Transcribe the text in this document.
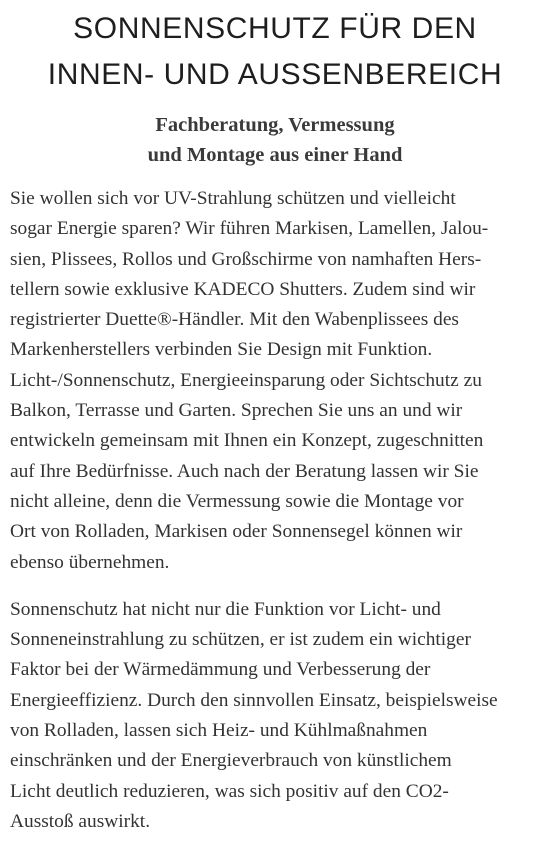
SONNENSCHUTZ FÜR DEN
INNEN- UND AUSSENBEREICH
Fachberatung, Vermessung
und Montage aus einer Hand

Sie wollen sich vor UV-Strahlung schützen und vielleicht
sogar Energie sparen? Wir führen Markisen, Lamellen, Jalou-
sien, Plissees, Rollos und Großschirme von namhaften Hers-
tellern sowie exklusive KADECO Shutters. Zudem sind wir
registrierter Duette®-Händler. Mit den Wabenplissees des
Markenherstellers verbinden Sie Design mit Funktion.
Licht-/Sonnenschutz, Energieeinsparung oder Sichtschutz zu
Balkon, Terrasse und Garten. Sprechen Sie uns an und wir
entwickeln gemeinsam mit Ihnen ein Konzept, zugeschnitten
auf Ihre Bedürfnisse. Auch nach der Beratung lassen wir Sie
nicht alleine, denn die Vermessung sowie die Montage vor
Ort von Rolladen, Markisen oder Sonnensegel können wir
ebenso übernehmen.

Sonnenschutz hat nicht nur die Funktion vor Licht- und
Sonneneinstrahlung zu schützen, er ist zudem ein wichtiger
Faktor bei der Wärmedämmung und Verbesserung der
Energieeffizienz. Durch den sinnvollen Einsatz, beispielsweise
von Rolladen, lassen sich Heiz- und Kühlmaßnahmen
einschränken und der Energieverbrauch von künstlichem
Licht deutlich reduzieren, was sich positiv auf den CO2-
Ausstoß auswirkt.
